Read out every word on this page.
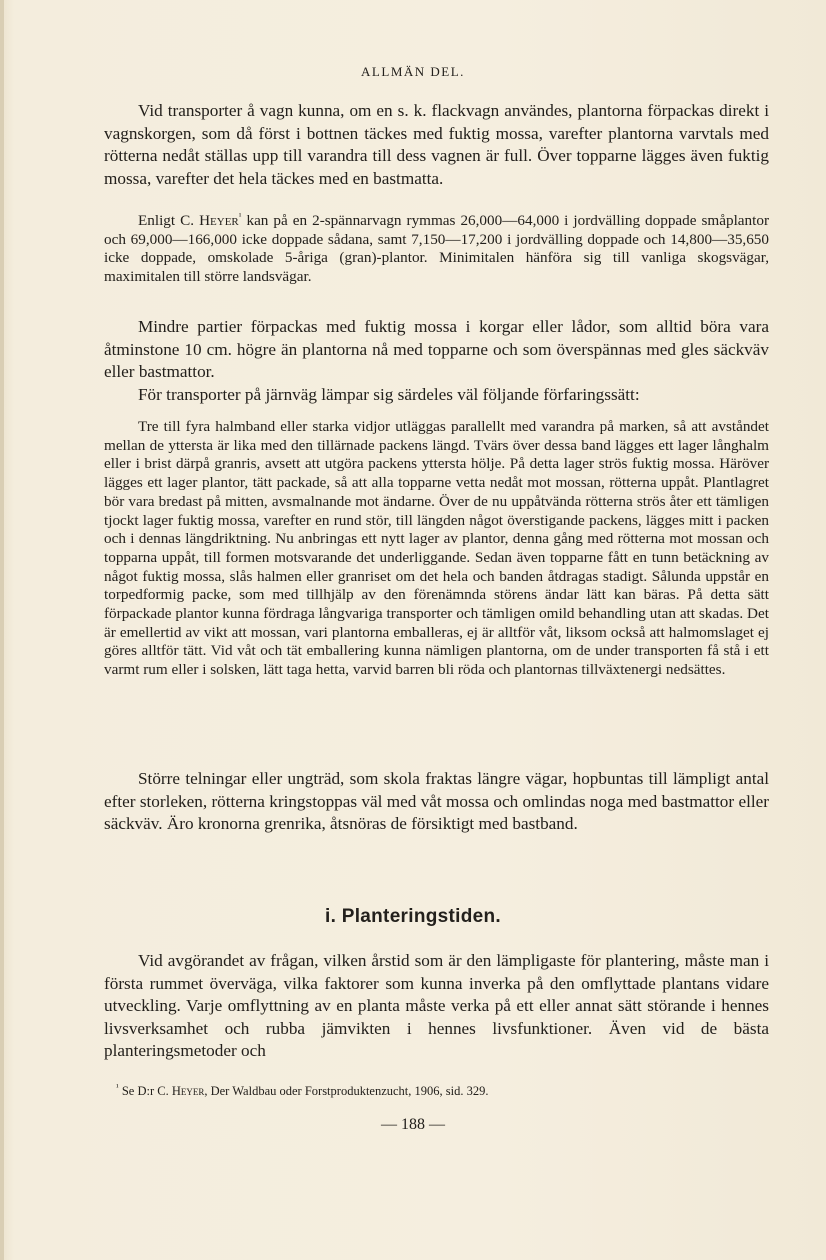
ALLMÄN DEL.

Vid transporter å vagn kunna, om en s. k. flackvagn användes, plantorna förpackas direkt i vagnskorgen, som då först i bottnen täckes med fuktig mossa, varefter plantorna varvtals med rötterna nedåt ställas upp till varandra till dess vagnen är full. Över topparne lägges även fuktig mossa, varefter det hela täckes med en bastmatta.

Enligt C. Heyer$^{^1}$ kan på en 2-spännarvagn rymmas 26,000—64,000 i jordvälling doppade småplantor och 69,000—166,000 icke doppade sådana, samt 7,150—17,200 i jordvälling doppade och 14,800—35,650 icke doppade, omskolade 5-åriga (gran)-plantor. Minimitalen hänföra sig till vanliga skogsvägar, maximitalen till större landsvägar.

Mindre partier förpackas med fuktig mossa i korgar eller lådor, som alltid böra vara åtminstone 10 cm. högre än plantorna nå med topparne och som överspännas med gles säckväv eller bastmattor.

För transporter på järnväg lämpar sig särdeles väl följande förfaringssätt:

Tre till fyra halmband eller starka vidjor utläggas parallellt med varandra på marken, så att avståndet mellan de yttersta är lika med den tillärnade packens längd. Tvärs över dessa band lägges ett lager långhalm eller i brist därpå granris, avsett att utgöra packens yttersta hölje. På detta lager strös fuktig mossa. Häröver lägges ett lager plantor, tätt packade, så att alla topparne vetta nedåt mot mossan, rötterna uppåt. Plantlagret bör vara bredast på mitten, avsmalnande mot ändarne. Över de nu uppåtvända rötterna strös åter ett tämligen tjockt lager fuktig mossa, varefter en rund stör, till längden något överstigande packens, lägges mitt i packen och i dennas längdriktning. Nu anbringas ett nytt lager av plantor, denna gång med rötterna mot mossan och topparna uppåt, till formen motsvarande det underliggande. Sedan även topparne fått en tunn betäckning av något fuktig mossa, slås halmen eller granriset om det hela och banden åtdragas stadigt. Sålunda uppstår en torpedformig packe, som med tillhjälp av den förenämnda störens ändar lätt kan bäras. På detta sätt förpackade plantor kunna fördraga långvariga transporter och tämligen omild behandling utan att skadas. Det är emellertid av vikt att mossan, vari plantorna emballeras, ej är alltför våt, liksom också att halmomslaget ej göres alltför tätt. Vid våt och tät emballering kunna nämligen plantorna, om de under transporten få stå i ett varmt rum eller i solsken, lätt taga hetta, varvid barren bli röda och plantornas tillväxtenergi nedsättes.

Större telningar eller ungträd, som skola fraktas längre vägar, hopbuntas till lämpligt antal efter storleken, rötterna kringstoppas väl med våt mossa och omlindas noga med bastmattor eller säckväv. Äro kronorna grenrika, åtsnöras de försiktigt med bastband.

i. Planteringstiden.

Vid avgörandet av frågan, vilken årstid som är den lämpligaste för plantering, måste man i första rummet överväga, vilka faktorer som kunna inverka på den omflyttade plantans vidare utveckling. Varje omflyttning av en planta måste verka på ett eller annat sätt störande i hennes livsverksamhet och rubba jämvikten i hennes livsfunktioner. Även vid de bästa planteringsmetoder och

$^{^1}$ Se D:r C. Heyer, Der Waldbau oder Forstproduktenzucht, 1906, sid. 329.
— 188 —
